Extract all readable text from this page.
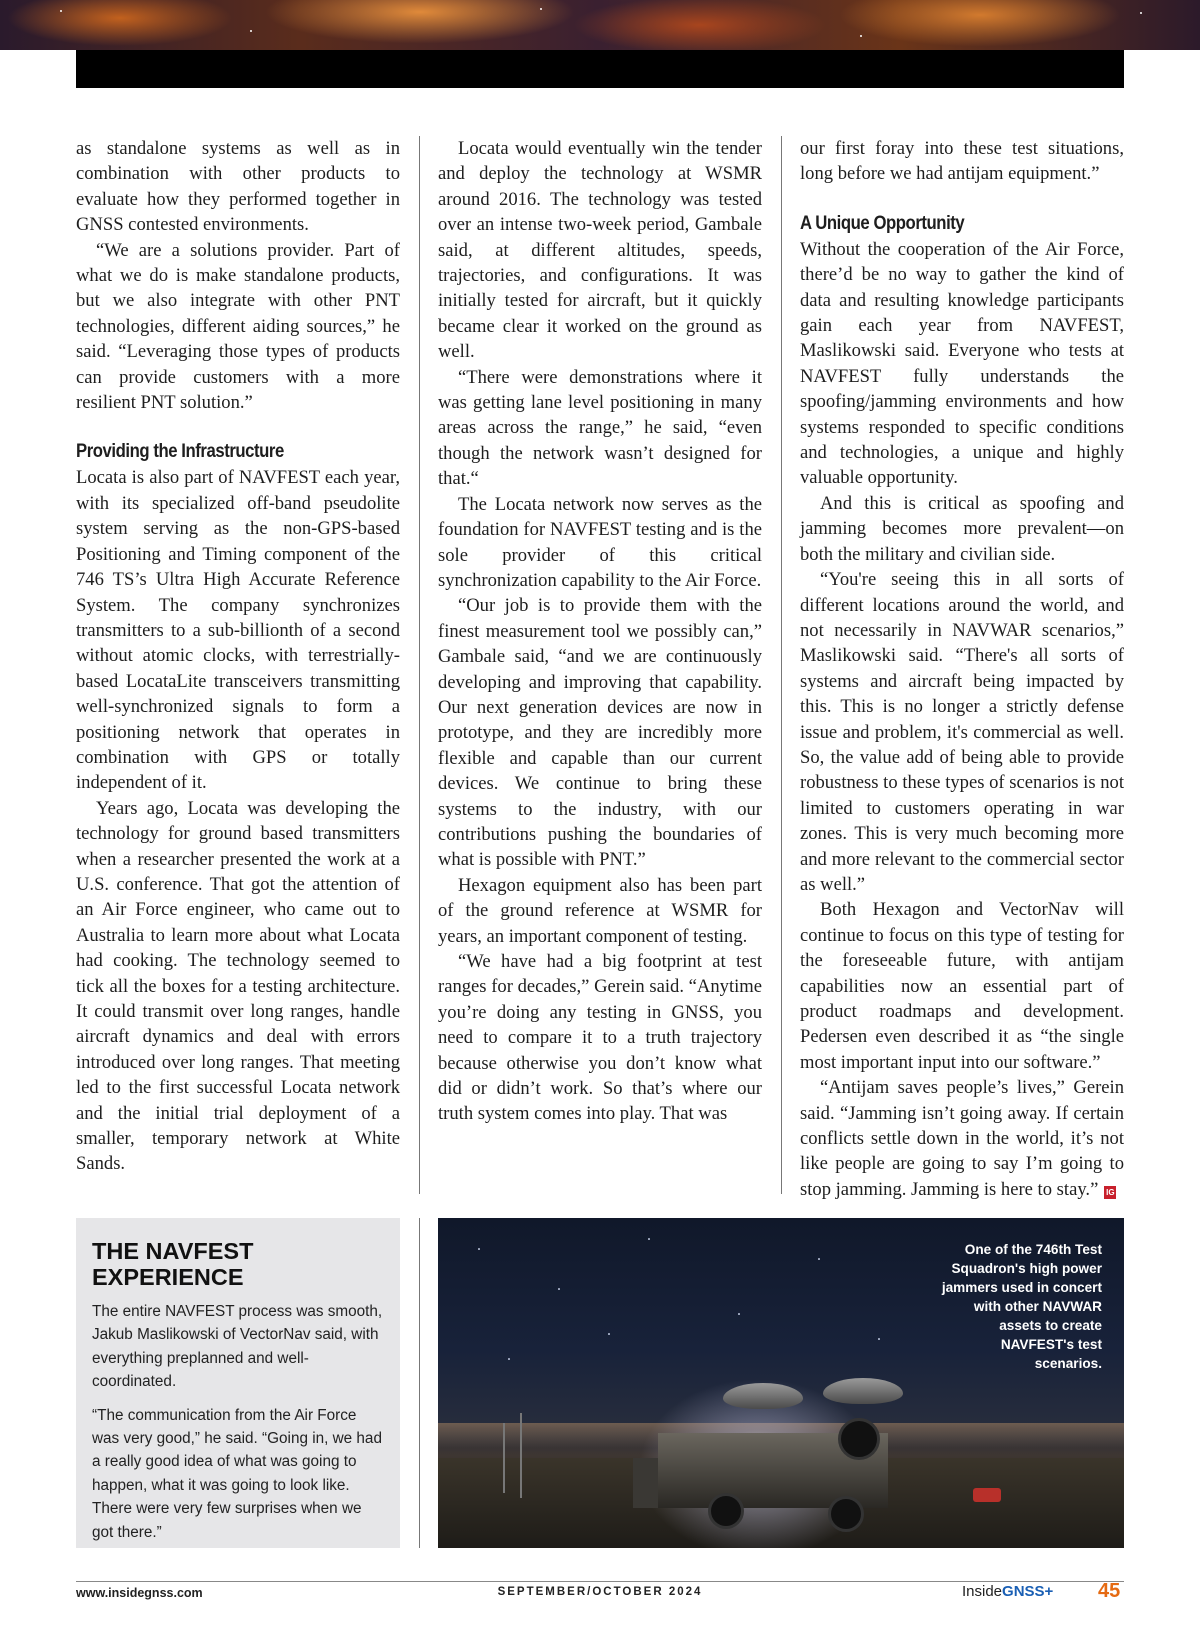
as standalone systems as well as in combination with other products to evaluate how they performed together in GNSS contested environments.

“We are a solutions provider. Part of what we do is make standalone products, but we also integrate with other PNT technologies, different aiding sources,” he said. “Leveraging those types of products can provide customers with a more resilient PNT solution.”

Providing the Infrastructure

Locata is also part of NAVFEST each year, with its specialized off-band pseudolite system serving as the non-GPS-based Positioning and Timing component of the 746 TS’s Ultra High Accurate Reference System. The company synchronizes transmitters to a sub-billionth of a second without atomic clocks, with terrestrially-based LocataLite transceivers transmitting well-synchronized signals to form a positioning network that operates in combination with GPS or totally independent of it.

Years ago, Locata was developing the technology for ground based transmitters when a researcher presented the work at a U.S. conference. That got the attention of an Air Force engineer, who came out to Australia to learn more about what Locata had cooking. The technology seemed to tick all the boxes for a testing architecture. It could transmit over long ranges, handle aircraft dynamics and deal with errors introduced over long ranges. That meeting led to the first successful Locata network and the initial trial deployment of a smaller, temporary network at White Sands.

Locata would eventually win the tender and deploy the technology at WSMR around 2016. The technology was tested over an intense two-week period, Gambale said, at different altitudes, speeds, trajectories, and configurations. It was initially tested for aircraft, but it quickly became clear it worked on the ground as well.

“There were demonstrations where it was getting lane level positioning in many areas across the range,” he said, “even though the network wasn’t designed for that.“

The Locata network now serves as the foundation for NAVFEST testing and is the sole provider of this critical synchronization capability to the Air Force.

“Our job is to provide them with the finest measurement tool we possibly can,” Gambale said, “and we are continuously developing and improving that capability. Our next generation devices are now in prototype, and they are incredibly more flexible and capable than our current devices. We continue to bring these systems to the industry, with our contributions pushing the boundaries of what is possible with PNT.”

Hexagon equipment also has been part of the ground reference at WSMR for years, an important component of testing.

“We have had a big footprint at test ranges for decades,” Gerein said. “Anytime you’re doing any testing in GNSS, you need to compare it to a truth trajectory because otherwise you don’t know what did or didn’t work. So that’s where our truth system comes into play. That was

our first foray into these test situations, long before we had antijam equipment.”

A Unique Opportunity

Without the cooperation of the Air Force, there’d be no way to gather the kind of data and resulting knowledge participants gain each year from NAVFEST, Maslikowski said. Everyone who tests at NAVFEST fully understands the spoofing/jamming environments and how systems responded to specific conditions and technologies, a unique and highly valuable opportunity.

And this is critical as spoofing and jamming becomes more prevalent—on both the military and civilian side.

“You're seeing this in all sorts of different locations around the world, and not necessarily in NAVWAR scenarios,” Maslikowski said. “There's all sorts of systems and aircraft being impacted by this. This is no longer a strictly defense issue and problem, it's commercial as well. So, the value add of being able to provide robustness to these types of scenarios is not limited to customers operating in war zones. This is very much becoming more and more relevant to the commercial sector as well.”

Both Hexagon and VectorNav will continue to focus on this type of testing for the foreseeable future, with antijam capabilities now an essential part of product roadmaps and development. Pedersen even described it as “the single most important input into our software.”

“Antijam saves people’s lives,” Gerein said. “Jamming isn’t going away. If certain conflicts settle down in the world, it’s not like people are going to say I’m going to stop jamming. Jamming is here to stay.” IG

THE NAVFEST
EXPERIENCE

The entire NAVFEST process was smooth, Jakub Maslikowski of VectorNav said, with everything preplanned and well-coordinated.

“The communication from the Air Force was very good,” he said. “Going in, we had a really good idea of what was going to happen, what it was going to look like. There were very few surprises when we got there.”

One of the 746th Test Squadron's high power jammers used in concert with other NAVWAR assets to create NAVFEST's test scenarios.
www.insidegnss.com	SEPTEMBER/OCTOBER 2024	InsideGNSS+ 45
